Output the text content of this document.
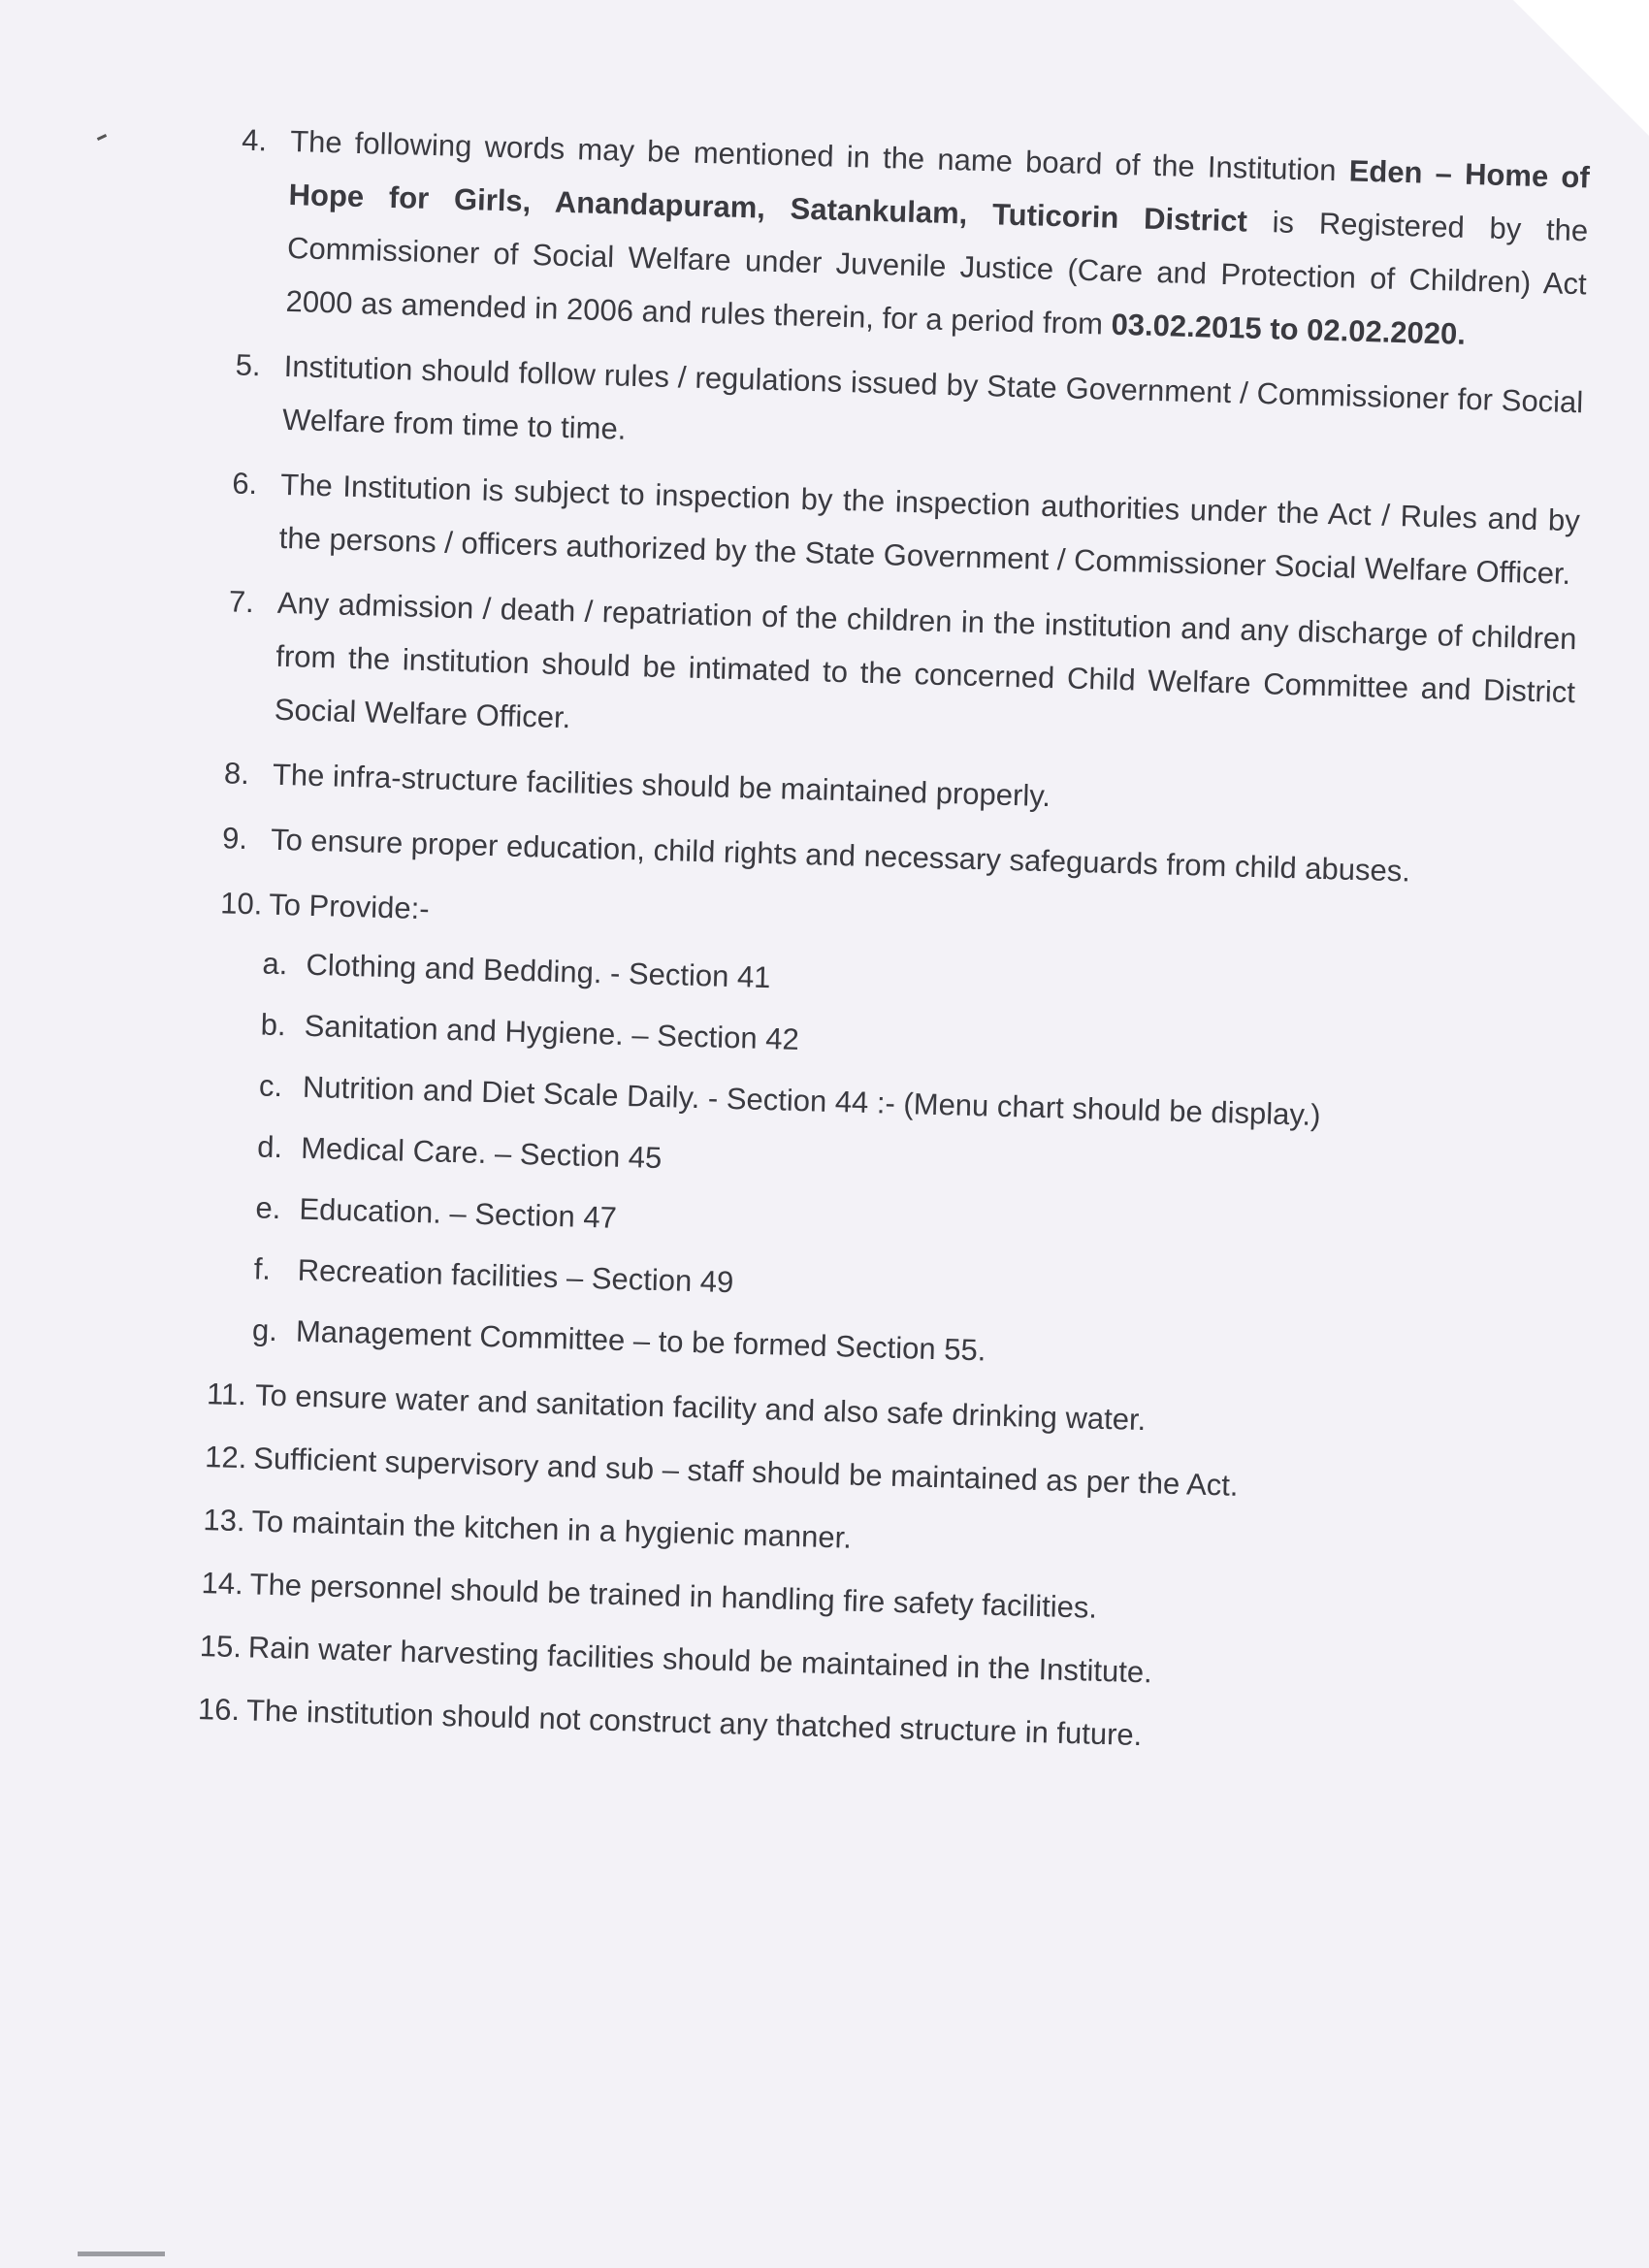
4. The following words may be mentioned in the name board of the Institution Eden – Home of Hope for Girls, Anandapuram, Satankulam, Tuticorin District is Registered by the Commissioner of Social Welfare under Juvenile Justice (Care and Protection of Children) Act 2000 as amended in 2006 and rules therein, for a period from 03.02.2015 to 02.02.2020.
5. Institution should follow rules / regulations issued by State Government / Commissioner for Social Welfare from time to time.
6. The Institution is subject to inspection by the inspection authorities under the Act / Rules and by the persons / officers authorized by the State Government / Commissioner Social Welfare Officer.
7. Any admission / death / repatriation of the children in the institution and any discharge of children from the institution should be intimated to the concerned Child Welfare Committee and District Social Welfare Officer.
8. The infra-structure facilities should be maintained properly.
9. To ensure proper education, child rights and necessary safeguards from child abuses.
10. To Provide:-
a. Clothing and Bedding. - Section 41
b. Sanitation and Hygiene. – Section 42
c. Nutrition and Diet Scale Daily. - Section 44 :- (Menu chart should be display.)
d. Medical Care. – Section 45
e. Education. – Section 47
f. Recreation facilities – Section 49
g. Management Committee – to be formed Section 55.
11. To ensure water and sanitation facility and also safe drinking water.
12. Sufficient supervisory and sub – staff should be maintained as per the Act.
13. To maintain the kitchen in a hygienic manner.
14. The personnel should be trained in handling fire safety facilities.
15. Rain water harvesting facilities should be maintained in the Institute.
16. The institution should not construct any thatched structure in future.
